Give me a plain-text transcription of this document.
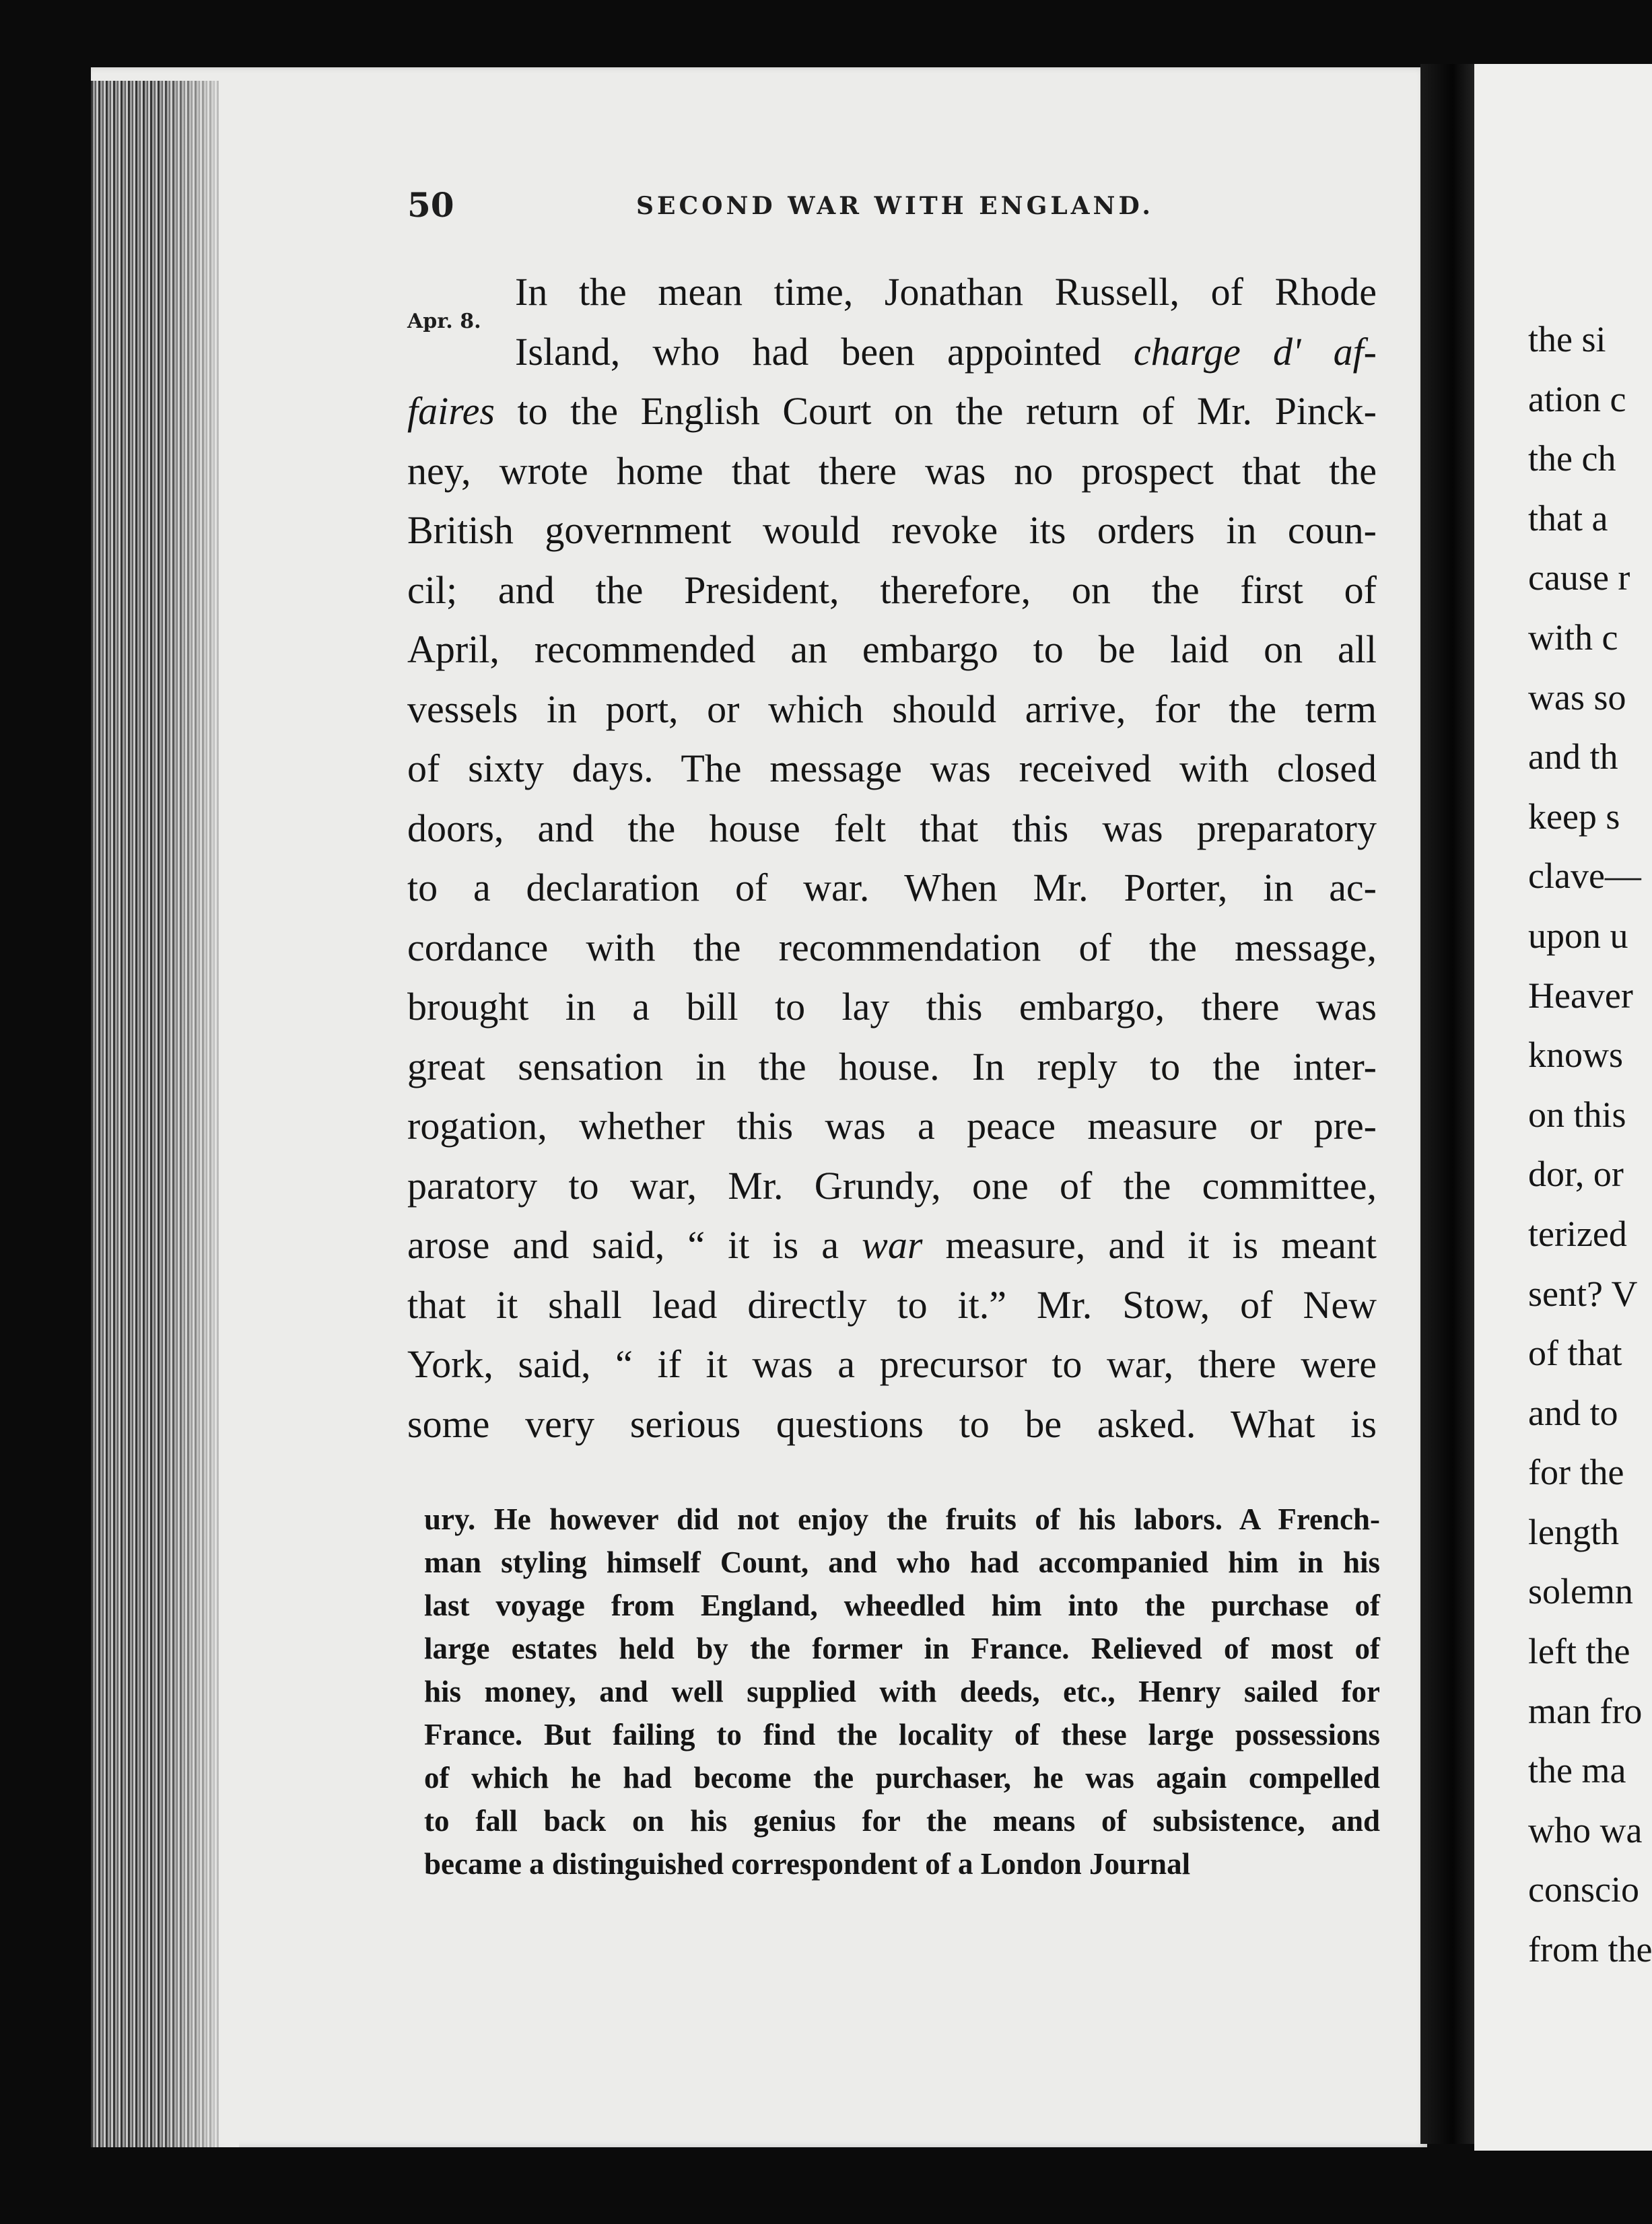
50	SECOND WAR WITH ENGLAND.
Apr. 8.
In the mean time, Jonathan Russell, of Rhode
Island, who had been appointed charge d' af-
faires to the English Court on the return of Mr. Pinck-
ney, wrote home that there was no prospect that the
British government would revoke its orders in coun-
cil; and the President, therefore, on the first of
April, recommended an embargo to be laid on all
vessels in port, or which should arrive, for the term
of sixty days. The message was received with closed
doors, and the house felt that this was preparatory
to a declaration of war. When Mr. Porter, in ac-
cordance with the recommendation of the message,
brought in a bill to lay this embargo, there was
great sensation in the house. In reply to the inter-
rogation, whether this was a peace measure or pre-
paratory to war, Mr. Grundy, one of the committee,
arose and said, “ it is a war measure, and it is meant
that it shall lead directly to it.” Mr. Stow, of New
York, said, “ if it was a precursor to war, there were
some very serious questions to be asked. What is
ury. He however did not enjoy the fruits of his labors. A French-
man styling himself Count, and who had accompanied him in his
last voyage from England, wheedled him into the purchase of
large estates held by the former in France. Relieved of most of
his money, and well supplied with deeds, etc., Henry sailed for
France. But failing to find the locality of these large possessions
of which he had become the purchaser, he was again compelled
to fall back on his genius for the means of subsistence, and
became a distinguished correspondent of a London Journal
the si
ation c
the ch
that a
cause r
with c
was so
and th
keep s
clave—
upon u
Heaver
knows
on this
dor, or
terized
sent? V
of that
and to
for the
length
solemn
left the
man fro
the ma
who wa
conscio
from the
